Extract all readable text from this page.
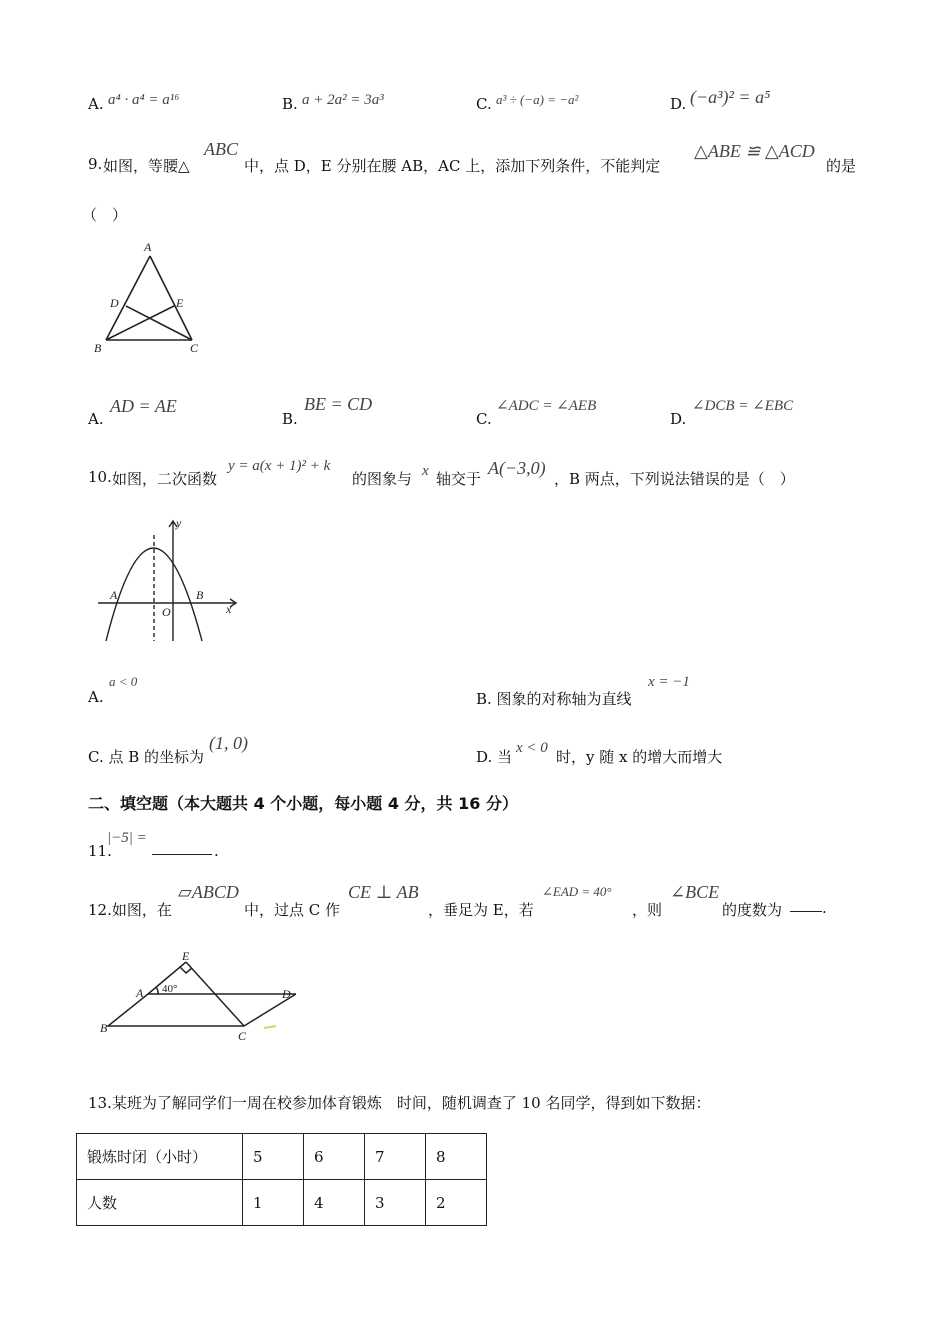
A. a⁴ · a⁴ = a¹⁶	B. a + 2a² = 3a³	C. a³ ÷ (−a) = −a²	D. (−a³)² = a⁵
9. 如图，等腰△
ABC
中，点 D，E 分别在腰 AB，AC 上，添加下列条件，不能判定
△ABE ≌ △ACD
的是
（　）
A
D	E
B	C
A.
AD = AE
B.
BE = CD
C.
∠ADC = ∠AEB
D.
∠DCB = ∠EBC
10. 如图，二次函数
y = a(x + 1)² + k
的图象与 x 轴交于
A(−3,0)
，B 两点，下列说法错误的是（　）
y
x
A	B
O
A.
a < 0
B. 图象的对称轴为直线
x = −1
C. 点 B 的坐标为
(1, 0)
D. 当 x < 0 时，y 随 x 的增大而增大
二、填空题（本大题共 4 个小题，每小题 4 分，共 16 分）
11.
|−5| =
.
12.如图，在
▱ABCD
中，过点 C 作
CE ⊥ AB
，垂足为 E，若
∠EAD = 40°
，则
∠BCE
的度数为	.
E
A	D
B
C
40°
13.某班为了解同学们一周在校参加体育锻炼　时间，随机调查了 10 名同学，得到如下数据：
锻炼时闭（小时）	5	6	7	8
人数	1	4	3	2
